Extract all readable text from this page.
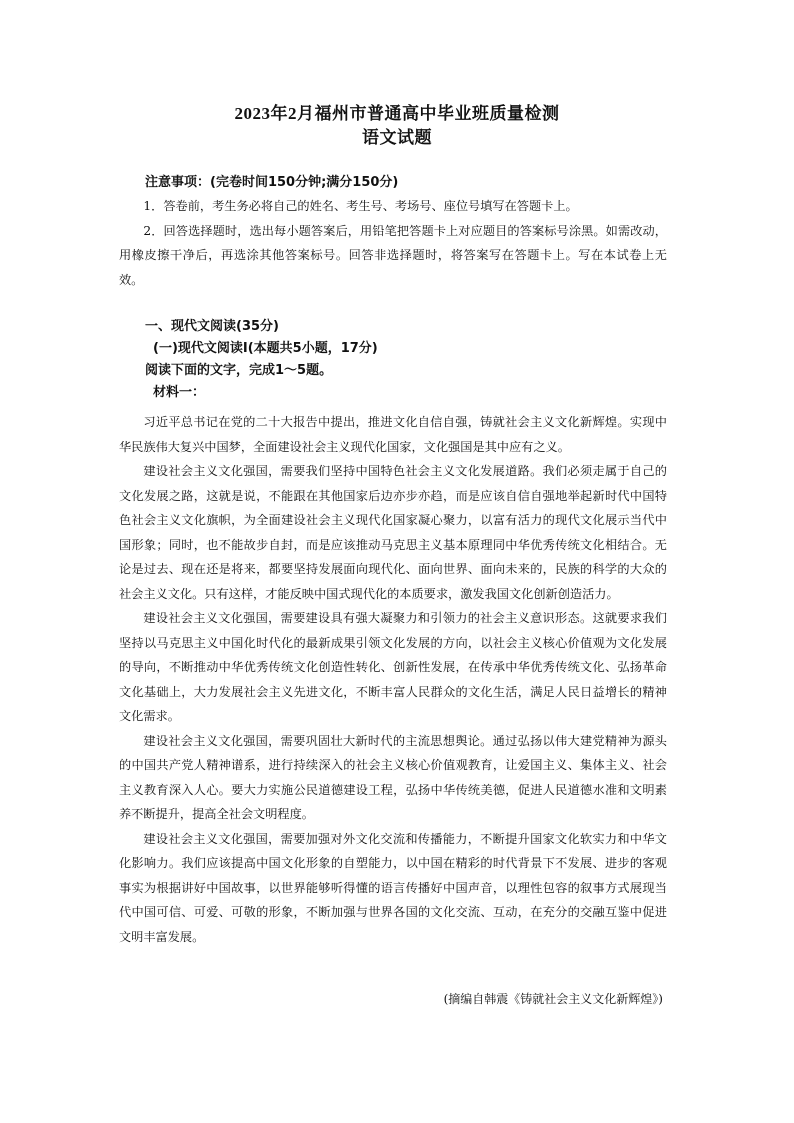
2023年2月福州市普通高中毕业班质量检测
语文试题

注意事项：(完卷时间150分钟;满分150分)

1．答卷前，考生务必将自己的姓名、考生号、考场号、座位号填写在答题卡上。

2．回答选择题时，选出每小题答案后，用铅笔把答题卡上对应题目的答案标号涂黑。如需改动，用橡皮擦干净后，再选涂其他答案标号。回答非选择题时，将答案写在答题卡上。写在本试卷上无效。

一、现代文阅读(35分)

(一)现代文阅读Ⅰ(本题共5小题，17分)

阅读下面的文字，完成1～5题。

材料一：

习近平总书记在党的二十大报告中提出，推进文化自信自强，铸就社会主义文化新辉煌。实现中华民族伟大复兴中国梦，全面建设社会主义现代化国家，文化强国是其中应有之义。

建设社会主义文化强国，需要我们坚持中国特色社会主义文化发展道路。我们必须走属于自己的文化发展之路，这就是说，不能跟在其他国家后边亦步亦趋，而是应该自信自强地举起新时代中国特色社会主义文化旗帜，为全面建设社会主义现代化国家凝心聚力，以富有活力的现代文化展示当代中国形象；同时，也不能故步自封，而是应该推动马克思主义基本原理同中华优秀传统文化相结合。无论是过去、现在还是将来，都要坚持发展面向现代化、面向世界、面向未来的，民族的科学的大众的社会主义文化。只有这样，才能反映中国式现代化的本质要求，激发我国文化创新创造活力。

建设社会主义文化强国，需要建设具有强大凝聚力和引领力的社会主义意识形态。这就要求我们坚持以马克思主义中国化时代化的最新成果引领文化发展的方向，以社会主义核心价值观为文化发展的导向，不断推动中华优秀传统文化创造性转化、创新性发展，在传承中华优秀传统文化、弘扬革命文化基础上，大力发展社会主义先进文化，不断丰富人民群众的文化生活，满足人民日益增长的精神文化需求。

建设社会主义文化强国，需要巩固壮大新时代的主流思想舆论。通过弘扬以伟大建党精神为源头的中国共产党人精神谱系，进行持续深入的社会主义核心价值观教育，让爱国主义、集体主义、社会主义教育深入人心。要大力实施公民道德建设工程，弘扬中华传统美德，促进人民道德水准和文明素养不断提升，提高全社会文明程度。

建设社会主义文化强国，需要加强对外文化交流和传播能力，不断提升国家文化软实力和中华文化影响力。我们应该提高中国文化形象的自塑能力，以中国在精彩的时代背景下不发展、进步的客观事实为根据讲好中国故事，以世界能够听得懂的语言传播好中国声音，以理性包容的叙事方式展现当代中国可信、可爱、可敬的形象，不断加强与世界各国的文化交流、互动，在充分的交融互鉴中促进文明丰富发展。

(摘编自韩震《铸就社会主义文化新辉煌》)
